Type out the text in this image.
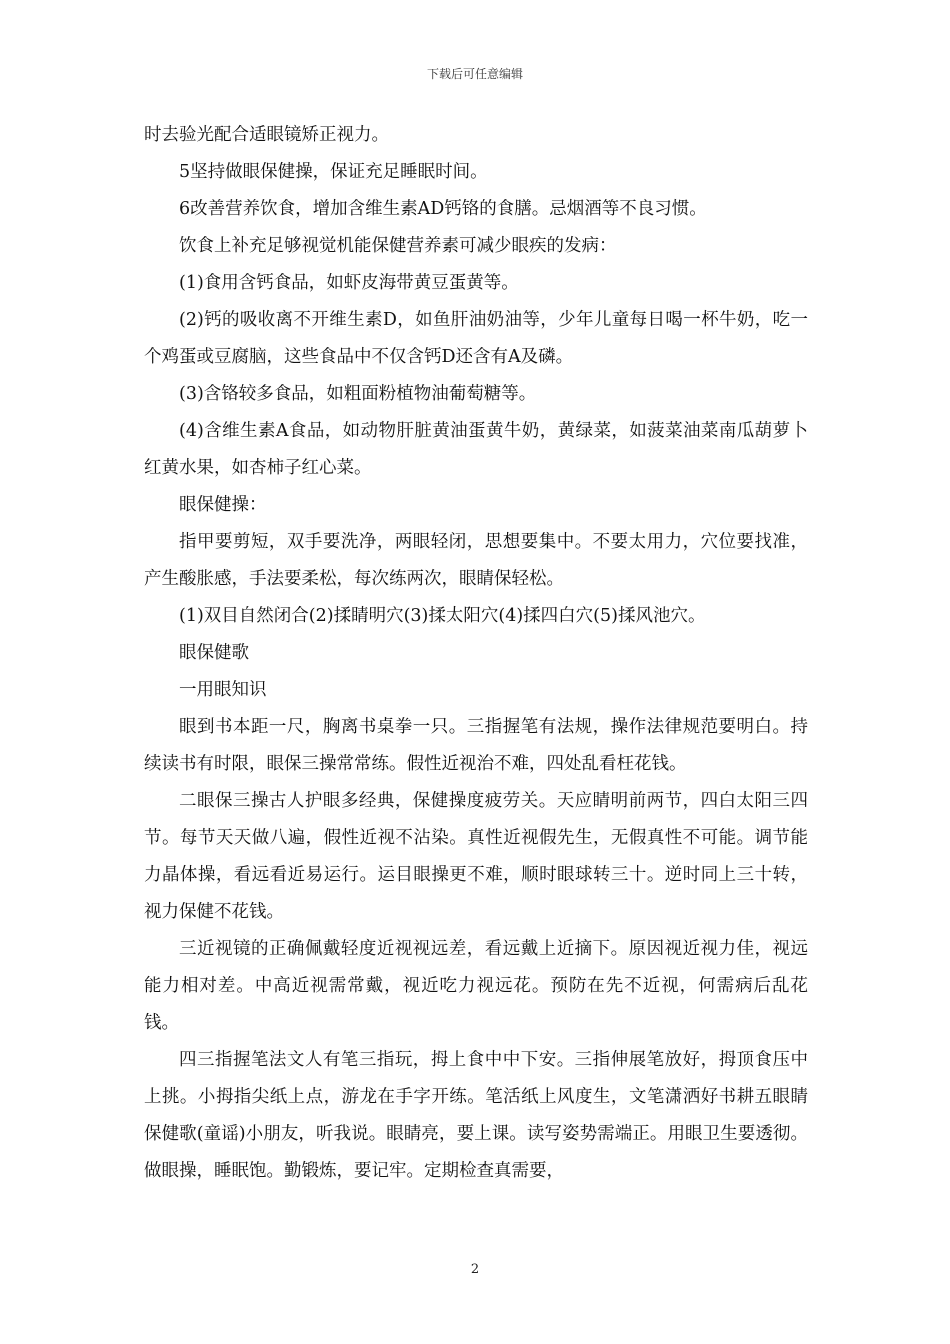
下载后可任意编辑

时去验光配合适眼镜矫正视力。

5坚持做眼保健操，保证充足睡眠时间。

6改善营养饮食，增加含维生素AD钙铬的食膳。忌烟酒等不良习惯。

饮食上补充足够视觉机能保健营养素可减少眼疾的发病：

(1)食用含钙食品，如虾皮海带黄豆蛋黄等。

(2)钙的吸收离不开维生素D，如鱼肝油奶油等，少年儿童每日喝一杯牛奶，吃一个鸡蛋或豆腐脑，这些食品中不仅含钙D还含有A及磷。

(3)含铬较多食品，如粗面粉植物油葡萄糖等。

(4)含维生素A食品，如动物肝脏黄油蛋黄牛奶，黄绿菜，如菠菜油菜南瓜葫萝卜红黄水果，如杏柿子红心菜。

眼保健操：

指甲要剪短，双手要洗净，两眼轻闭，思想要集中。不要太用力，穴位要找准，产生酸胀感，手法要柔松，每次练两次，眼睛保轻松。

(1)双目自然闭合(2)揉睛明穴(3)揉太阳穴(4)揉四白穴(5)揉风池穴。

眼保健歌

一用眼知识

眼到书本距一尺，胸离书桌拳一只。三指握笔有法规，操作法律规范要明白。持续读书有时限，眼保三操常常练。假性近视治不难，四处乱看枉花钱。

二眼保三操古人护眼多经典，保健操度疲劳关。天应睛明前两节，四白太阳三四节。每节天天做八遍，假性近视不沾染。真性近视假先生，无假真性不可能。调节能力晶体操，看远看近易运行。运目眼操更不难，顺时眼球转三十。逆时同上三十转，视力保健不花钱。

三近视镜的正确佩戴轻度近视视远差，看远戴上近摘下。原因视近视力佳，视远能力相对差。中高近视需常戴，视近吃力视远花。预防在先不近视，何需病后乱花钱。

四三指握笔法文人有笔三指玩，拇上食中中下安。三指伸展笔放好，拇顶食压中上挑。小拇指尖纸上点，游龙在手字开练。笔活纸上风度生，文笔潇洒好书耕五眼睛保健歌(童谣)小朋友，听我说。眼睛亮，要上课。读写姿势需端正。用眼卫生要透彻。做眼操，睡眠饱。勤锻炼，要记牢。定期检查真需要，

2
